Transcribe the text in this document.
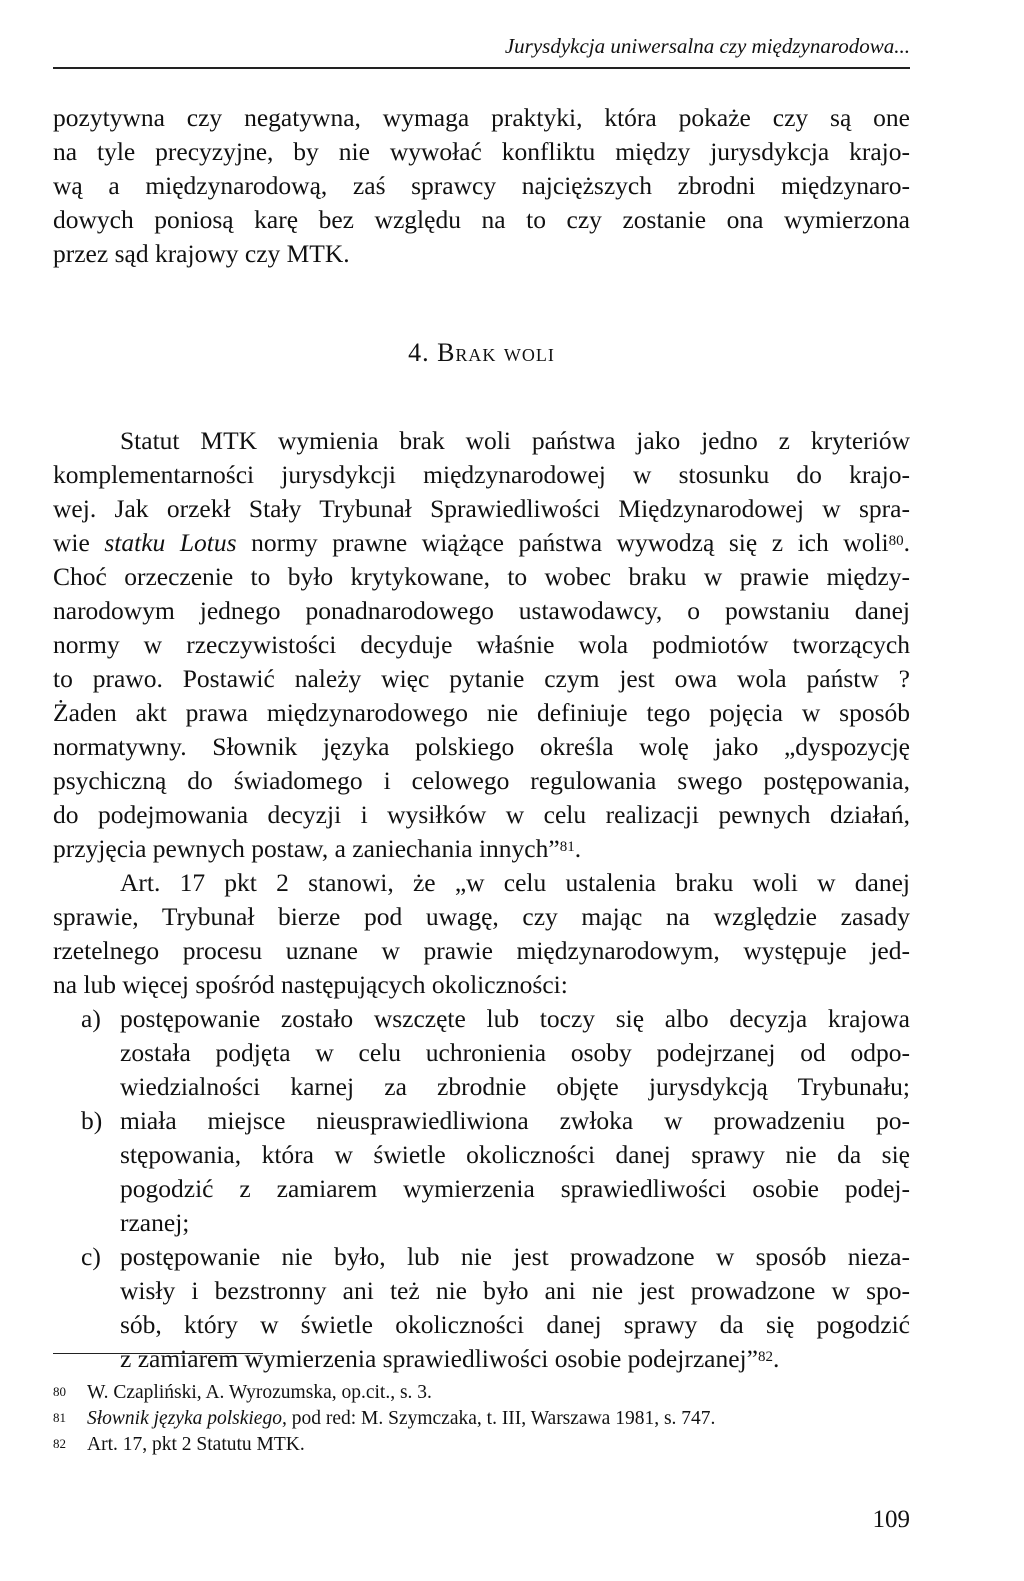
Jurysdykcja uniwersalna czy międzynarodowa...
pozytywna czy negatywna, wymaga praktyki, która pokaże czy są one
na tyle precyzyjne, by nie wywołać konfliktu między jurysdykcja krajo-
wą a międzynarodową, zaś sprawcy najcięższych zbrodni międzynaro-
dowych poniosą karę bez względu na to czy zostanie ona wymierzona
przez sąd krajowy czy MTK.
4. Brak woli
Statut MTK wymienia brak woli państwa jako jedno z kryteriów
komplementarności jurysdykcji międzynarodowej w stosunku do krajo-
wej. Jak orzekł Stały Trybunał Sprawiedliwości Międzynarodowej w spra-
wie statku Lotus normy prawne wiążące państwa wywodzą się z ich woli$^{80}$.
Choć orzeczenie to było krytykowane, to wobec braku w prawie między-
narodowym jednego ponadnarodowego ustawodawcy, o powstaniu danej
normy w rzeczywistości decyduje właśnie wola podmiotów tworzących
to prawo. Postawić należy więc pytanie czym jest owa wola państw ?
Żaden akt prawa międzynarodowego nie definiuje tego pojęcia w sposób
normatywny. Słownik języka polskiego określa wolę jako „dyspozycję
psychiczną do świadomego i celowego regulowania swego postępowania,
do podejmowania decyzji i wysiłków w celu realizacji pewnych działań,
przyjęcia pewnych postaw, a zaniechania innych”$^{81}$.
Art. 17 pkt 2 stanowi, że „w celu ustalenia braku woli w danej
sprawie, Trybunał bierze pod uwagę, czy mając na względzie zasady
rzetelnego procesu uznane w prawie międzynarodowym, występuje jed-
na lub więcej spośród następujących okoliczności:
a) postępowanie zostało wszczęte lub toczy się albo decyzja krajowa
została podjęta w celu uchronienia osoby podejrzanej od odpo-
wiedzialności karnej za zbrodnie objęte jurysdykcją Trybunału;
b) miała miejsce nieusprawiedliwiona zwłoka w prowadzeniu po-
stępowania, która w świetle okoliczności danej sprawy nie da się
pogodzić z zamiarem wymierzenia sprawiedliwości osobie podej-
rzanej;
c) postępowanie nie było, lub nie jest prowadzone w sposób nieza-
wisły i bezstronny ani też nie było ani nie jest prowadzone w spo-
sób, który w świetle okoliczności danej sprawy da się pogodzić
z zamiarem wymierzenia sprawiedliwości osobie podejrzanej”$^{82}$.
80 W. Czapliński, A. Wyrozumska, op.cit., s. 3.
81 Słownik języka polskiego, pod red: M. Szymczaka, t. III, Warszawa 1981, s. 747.
82 Art. 17, pkt 2 Statutu MTK.
109
